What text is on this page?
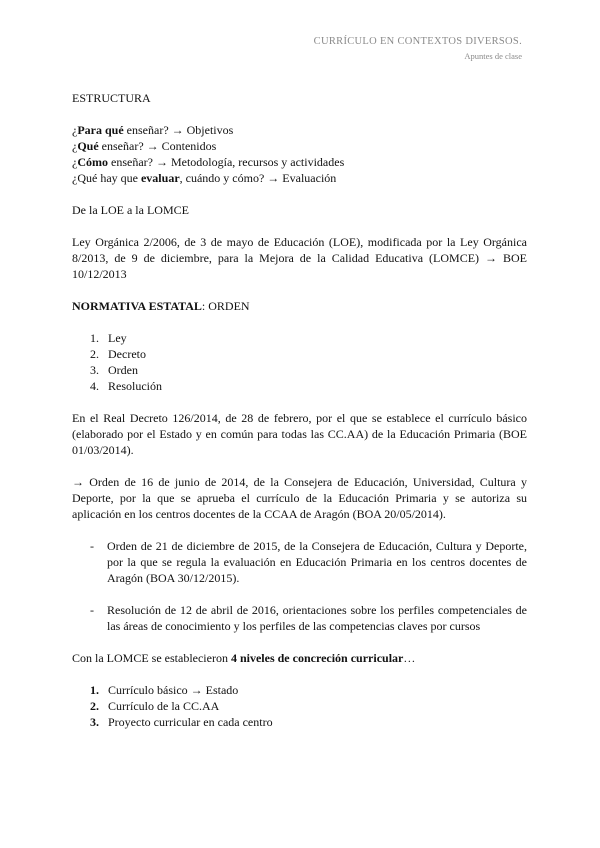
CURRÍCULO EN CONTEXTOS DIVERSOS.
Apuntes de clase

ESTRUCTURA

¿Para qué enseñar? → Objetivos
¿Qué enseñar? → Contenidos
¿Cómo enseñar? → Metodología, recursos y actividades
¿Qué hay que evaluar, cuándo y cómo? → Evaluación

De la LOE a la LOMCE

Ley Orgánica 2/2006, de 3 de mayo de Educación (LOE), modificada por la Ley Orgánica 8/2013, de 9 de diciembre, para la Mejora de la Calidad Educativa (LOMCE) → BOE 10/12/2013

NORMATIVA ESTATAL: ORDEN

1. Ley
2. Decreto
3. Orden
4. Resolución

En el Real Decreto 126/2014, de 28 de febrero, por el que se establece el currículo básico (elaborado por el Estado y en común para todas las CC.AA) de la Educación Primaria (BOE 01/03/2014).

→ Orden de 16 de junio de 2014, de la Consejera de Educación, Universidad, Cultura y Deporte, por la que se aprueba el currículo de la Educación Primaria y se autoriza su aplicación en los centros docentes de la CCAA de Aragón (BOA 20/05/2014).

- Orden de 21 de diciembre de 2015, de la Consejera de Educación, Cultura y Deporte, por la que se regula la evaluación en Educación Primaria en los centros docentes de Aragón (BOA 30/12/2015).
- Resolución de 12 de abril de 2016, orientaciones sobre los perfiles competenciales de las áreas de conocimiento y los perfiles de las competencias claves por cursos

Con la LOMCE se establecieron 4 niveles de concreción curricular…

1. Currículo básico → Estado
2. Currículo de la CC.AA
3. Proyecto curricular en cada centro
